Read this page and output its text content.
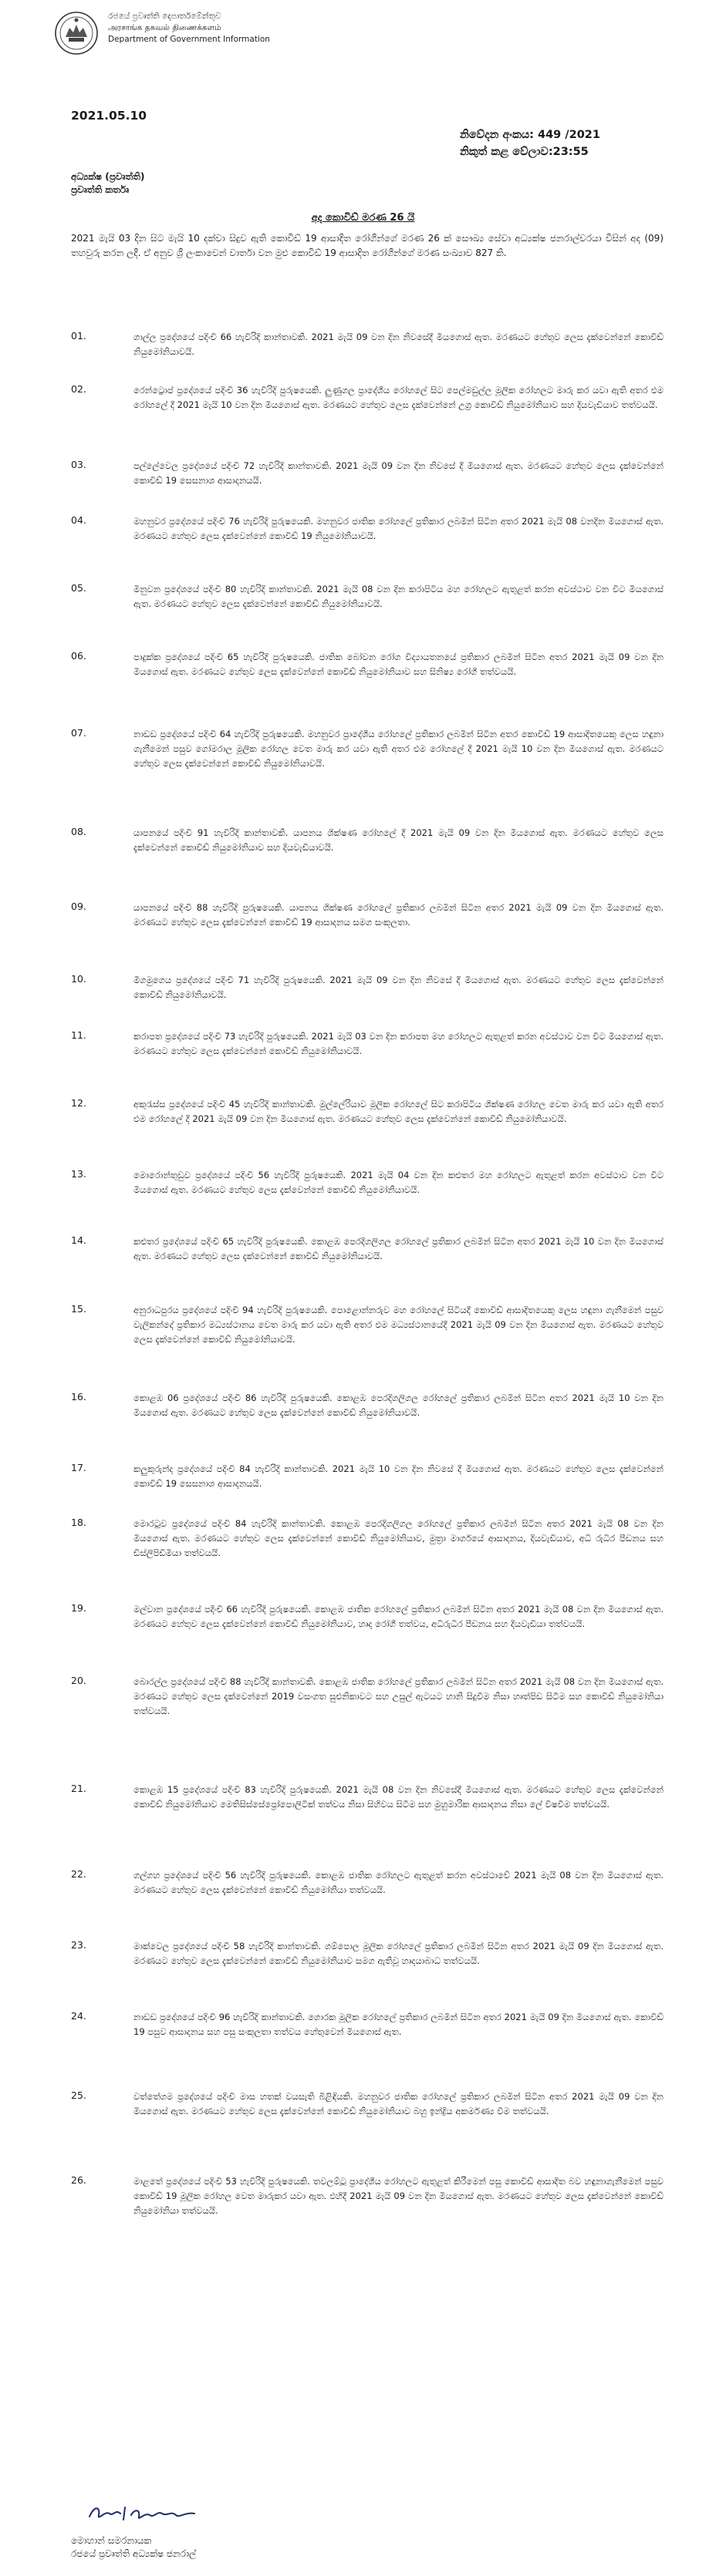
රජයේ ප්‍රවෘත්ති දෙපාර්තමේන්තුව
அரசாங்க தகவல் திணைக்களம்
Department of Government Information
2021.05.10
නිවේදන අංකය: 449 /2021
නිකුත් කළ වේලාව:23:55
අධ්‍යක්ෂ (ප්‍රවෘත්ති)
ප්‍රවෘත්ති කර්තෘ
අද කොවිඩ් මරණ 26 යි
2021 මැයි 03 දින සිට මැයි 10 දක්වා සිදුව ඇති කොවිඩ් 19 ආසාදිත රෝගීන්ගේ මරණ 26 ක් සෞඛ්‍ය සේවා අධ්‍යක්ෂ ජනරාල්වරයා විසින් අද (09) තහවුරු කරන ලදී. ඒ අනුව ශ්‍රී ලංකාවෙන් වාර්තා වන මුළු කොවිඩ් 19 ආසාදිත රෝගීන්ගේ මරණ සංඛ්‍යාව 827 කි.
01.	ගාල්ල ප්‍රදේශයේ පදිංචි 66 හැවිරිදි කාන්තාවකි. 2021 මැයි 09 වන දින නිවසේදී මියගොස් ඇත. මරණයට හේතුව ලෙස දැක්වෙන්නේ කොවිඩ් නියුමෝනියාවයි.
02.	රෙන්ට්‍රොප් ප්‍රදේශයේ පදිංචි 36 හැවිරිදි පුරුෂයෙකි. ලුණුගල ප්‍රාදේශීය රෝහලේ සිට පෙල්මඩුල්ල මූලික රෝහලට මාරු කර යවා ඇති අතර එම රෝහලේ දී 2021 මැයි 10 වන දින මියගොස් ඇත. මරණයට හේතුව ලෙස දැක්වෙන්නේ උග්‍ර කොවිඩ් නියුමෝනියාව සහ දියවැඩියාව තත්වයයි.
03.	පල්ලේවෙල ප්‍රදේශයේ පදිංචි 72 හැවිරිදි කාන්තාවකි. 2021 මැයි 09 වන දින නිවසේ දී මියගොස් ඇත. මරණයට හේතුව ලෙස දැක්වෙන්නේ කොවිඩ් 19 සෙසනාශ ආසාදනයයි.
04.	මහනුවර ප්‍රදේශයේ පදිංචි 76 හැවිරිදි පුරුෂයෙකි. මහනුවර ජාතික රෝහලේ ප්‍රතිකාර ලබමින් සිටින අතර 2021 මැයි 08 වනදින මියගොස් ඇත. මරණයට හේතුව ලෙස දැක්වෙන්නේ කොවිඩ් 19 නියුමෝනියාවයි.
05.	මිනුවන ප්‍රදේශයේ පදිංචි 80 හැවිරිදි කාන්තාවකි. 2021 මැයි 08 වන දින කරාපිටිය මහ රෝහලට ඇතුළත් කරන අවස්ථාව වන විට මියගොස් ඇත. මරණයට හේතුව ලෙස දැක්වෙන්නේ කොවිඩ් නියුමෝනියාවයි.
06.	පාදුක්ක ප්‍රදේශයේ පදිංචි 65 හැවිරිදි පුරුෂයෙකි. ජාතික බෝවන රෝග විද්‍යායතනයේ ප්‍රතිකාර ලබමින් සිටින අතර 2021 මැයි 09 වන දින මියගොස් ඇත. මරණයට හේතුව ලෙස දැක්වෙන්නේ කොවිඩ් නියුමෝනියාව සහ සිනිෂ්‍ය රෝගී තත්වයයි.
07.	නාඩඩ ප්‍රදේශයේ පදිංචි 64 හැවිරිදි පුරුෂයෙකි. මහනුවර ප්‍රාදේශීය රෝහලේ ප්‍රතිකාර ලබමින් සිටින අතර කොවිඩ් 19 ආසාදිතයෙකු ලෙස හඳුනා ගැනීමෙන් පසුව ගෝමරාල මූලික රෝහල වෙත මාරු කර යවා ඇති අතර එම රෝහලේ දී 2021 මැයි 10 වන දින මියගොස් ඇත. මරණයට හේතුව ලෙස දැක්වෙන්නේ කොවිඩ් නියුමෝනියාවයි.
08.	යාපනයේ පදිංචි 91 හැවිරිදි කාන්තාවකි. යාපනය ශික්ෂණ රෝහලේ දී 2021 මැයි 09 වන දින මියගොස් ඇත. මරණයට හේතුව ලෙස දැක්වෙන්නේ කොවිඩ් නියුමෝනියාව සහ දියවැඩියාවයි.
09.	යාපනයේ පදිංචි 88 හැවිරිදි පුරුෂයෙකි. යාපනය ශික්ෂණ රෝහලේ ප්‍රතිකාර ලබමින් සිටින අතර 2021 මැයි 09 වන දින මියගොස් ඇත. මරණයට හේතුව ලෙස දැක්වෙන්නේ කොවිඩ් 19 ආසාදනය සමග සංකූලතා.
10.	මීගමුගෙය ප්‍රදේශයේ පදිංචි 71 හැවිරිදි පුරුෂයෙකි. 2021 මැයි 09 වන දින නිවසේ දී මියගොස් ඇත. මරණයට හේතුව ලෙස දැක්වෙන්නේ කොවිඩ් නියුමෝනියාවයි.
11.	කරාපත ප්‍රදේශයේ පදිංචි 73 හැවිරිදි පුරුෂයෙකි. 2021 මැයි 03 වන දින කරාපත මහ රෝහලට ඇතුළත් කරන අවස්ථාව වන විට මියගොස් ඇත. මරණයට හේතුව ලෙස දැක්වෙන්නේ කොවිඩ් නියුමෝනියාවයි.
12.	අකුරැස්ස ප්‍රදේශයේ පදිංචි 45 හැවිරිදි කාන්තාවකි. මුල්ලේරියාව මූලික රෝහලේ සිට කරාපිටිය ශික්ෂණ රෝහල වෙත මාරු කර යවා ඇති අතර එම රෝහලේ දී 2021 මැයි 09 වන දින මියගොස් ඇත. මරණයට හේතුව ලෙස දැක්වෙන්නේ කොවිඩ් නියුමෝනියාවයි.
13.	මොරොන්තුඩුව ප්‍රදේශයේ පදිංචි 56 හැවිරිදි පුරුෂයෙකි. 2021 මැයි 04 වන දින කළුතර මහ රෝහලට ඇතුළත් කරන අවස්ථාව වන විට මියගොස් ඇත. මරණයට හේතුව ලෙස දැක්වෙන්නේ කොවිඩ් නියුමෝනියාවයි.
14.	කළුතර ප්‍රදේශයේ පදිංචි 65 හැවිරිදි පුරුෂයෙකි. කොළඹ පෙරදිගලිගල රෝහලේ ප්‍රතිකාර ලබමින් සිටින අතර 2021 මැයි 10 වන දින මියගොස් ඇත. මරණයට හේතුව ලෙස දැක්වෙන්නේ කොවිඩ් නියුමෝනියාවයි.
15.	අනුරාධපුරය ප්‍රදේශයේ පදිංචි 94 හැවිරිදි පුරුෂයෙකි. පොළොන්නරුව මහ රෝහලේ සිටියදී කොවිඩ් ආසාදිතයෙකු ලෙස හඳුනා ගැනීමෙන් පසුව වැලිකන්දේ ප්‍රතිකාර මධ්‍යස්ථානය වෙත මාරු කර යවා ඇති අතර එම මධ්‍යස්ථානයේදී 2021 මැයි 09 වන දින මියගොස් ඇත. මරණයට හේතුව ලෙස දැක්වෙන්නේ කොවිඩ් නියුමෝනියාවයි.
16.	කොළඹ 06 ප්‍රදේශයේ පදිංචි 86 හැවිරිදි පුරුෂයෙකි. කොළඹ පෙරදිගලිගල රෝහලේ ප්‍රතිකාර ලබමින් සිටින අතර 2021 මැයි 10 වන දින මියගොස් ඇත. මරණයට හේතුව ලෙස දැක්වෙන්නේ කොවිඩ් නියුමෝනියාවයි.
17.	කලුකුරුන්ද ප්‍රදේශයේ පදිංචි 84 හැවිරිදි කාන්තාවකි. 2021 මැයි 10 වන දින නිවසේ දී මියගොස් ඇත. මරණයට හේතුව ලෙස දැක්වෙන්නේ කොවිඩ් 19 සෙසනාශ ආසාදනයයි.
18.	මොරටුව ප්‍රදේශයේ පදිංචි 84 හැවිරිදි කාන්තාවකි. කොළඹ පෙරදිගලිගල රෝහලේ ප්‍රතිකාර ලබමින් සිටින අතර 2021 මැයි 08 වන දින මියගොස් ඇත. මරණයට හේතුව ලෙස දැක්වෙන්නේ කොවිඩ් නියුමෝනියාව, මුත්‍රා මාර්ගයේ ආසාදනය, දියවැඩියාව, අධි රුධිර පීඩනය සහ ඩිස්ලිපිඩිමියා තත්වයයි.
19.	මල්වාන ප්‍රදේශයේ පදිංචි 66 හැවිරිදි පුරුෂයෙකි. කොළඹ ජාතික රෝහලේ ප්‍රතිකාර ලබමින් සිටින අතර 2021 මැයි 08 වන දින මියගොස් ඇත. මරණයට හේතුව ලෙස දැක්වෙන්නේ කොවිඩ් නියුමෝනියාව, හෘද රෝගී තත්වය, අධිරුධිර පීඩනය සහ දියවැඩියා තත්වයයි.
20.	බොරල්ල ප්‍රදේශයේ පදිංචි 88 හැවිරිදි කාන්තාවකි. කොළඹ ජාතික රෝහලේ ප්‍රතිකාර ලබමින් සිටින අතර 2021 මැයි 08 වන දින මියගොස් ඇත. මරණයට හේතුව ලෙස දැක්වෙන්නේ 2019 වසංගත සුළුනිකාවට සහ උසුල් ඇටයට හානි සිදුවීම නිසා හෘත්පිඩ සිටීම සහ කොවිඩ් නියුමෝනියා තත්වයයි.
21.	කොළඹ 15 ප්‍රදේශයේ පදිංචි 83 හැවිරිදි පුරුෂයෙකි. 2021 මැයි 08 වන දින නිවසේදී මියගොස් ඇත. මරණයට හේතුව ලෙස දැක්වෙන්නේ කොවිඩ් නියුමෝනියාව මෙතිසිස්සේප්‍රෝපොලිටික් තත්වය නිසා සිහිවය සිටීම සහ මුහුමාරික ආසාදනය නිසා ලේ විෂවීම තත්වයයි.
22.	ගල්ගහ ප්‍රදේශයේ පදිංචි 56 හැවිරිදි පුරුෂයෙකි. කොළඹ ජාතික රෝහලට ඇතුළත් කරන අවස්ථාවේ 2021 මැයි 08 වන දින මියගොස් ඇත. මරණයට හේතුව ලෙස දැක්වෙන්නේ කොවිඩ් නියුමෝනියා තත්වයයි.
23.	මාක්වෙල ප්‍රදේශයේ පදිංචි 58 හැවිරිදි කාන්තාවකි. ගම්පොල මූලික රෝහලේ ප්‍රතිකාර ලබමින් සිටින අතර 2021 මැයි 09 දින මියගොස් ඇත. මරණයට හේතුව ලෙස දැක්වෙන්නේ කොවිඩ් නියුමෝනියාව සමග ඇතිවූ හෘදයාබාධ තත්වයයි.
24.	නාඩඩ ප්‍රදේශයේ පදිංචි 96 හැවිරිදි කාන්තාවකි. ගොරක මූලික රෝහලේ ප්‍රතිකාර ලබමින් සිටින අතර 2021 මැයි 09 දින මියගොස් ඇත. කොවිඩ් 19 පසුව ආසාදනය සහ පසු සංකූලතා තත්වය හේතුවෙන් මියගොස් ඇත.
25.	වත්තේගම ප්‍රදේශයේ පදිංචි මාස හතක් වයසැති බිළිඳියකි. මහනුවර ජාතික රෝහලේ ප්‍රතිකාර ලබමින් සිටින අතර 2021 මැයි 09 වන දින මියගොස් ඇත. මරණයට හේතුව ලෙස දැක්වෙන්නේ කොවිඩ් නියුමෝනියාව බහු ඉන්ද්‍රිය අකර්මණ්‍ය වීම තත්වයයි.
26.	මාළතේ ප්‍රදේශයේ පදිංචි 53 හැවිරිදි පුරුෂයෙකි. තවලම්ටූ ප්‍රාදේශීය රෝහලට ඇතුළත් කිරීමෙන් පසු කොවිඩ් ආසාදිත බව හඳුනාගැනීමෙන් පසුව කොවිඩ් 19 මූලික රෝහල වෙත මාරුකර යවා ඇත. එහිදී 2021 මැයි 09 වන දින මියගොස් ඇත. මරණයට හේතුව ලෙස දැක්වෙන්නේ කොවිඩ් නියුමෝනියා තත්වයයි.
මොහාන් සමරනායක
රජයේ ප්‍රවෘත්ති අධ්‍යක්ෂ ජනරාල්
